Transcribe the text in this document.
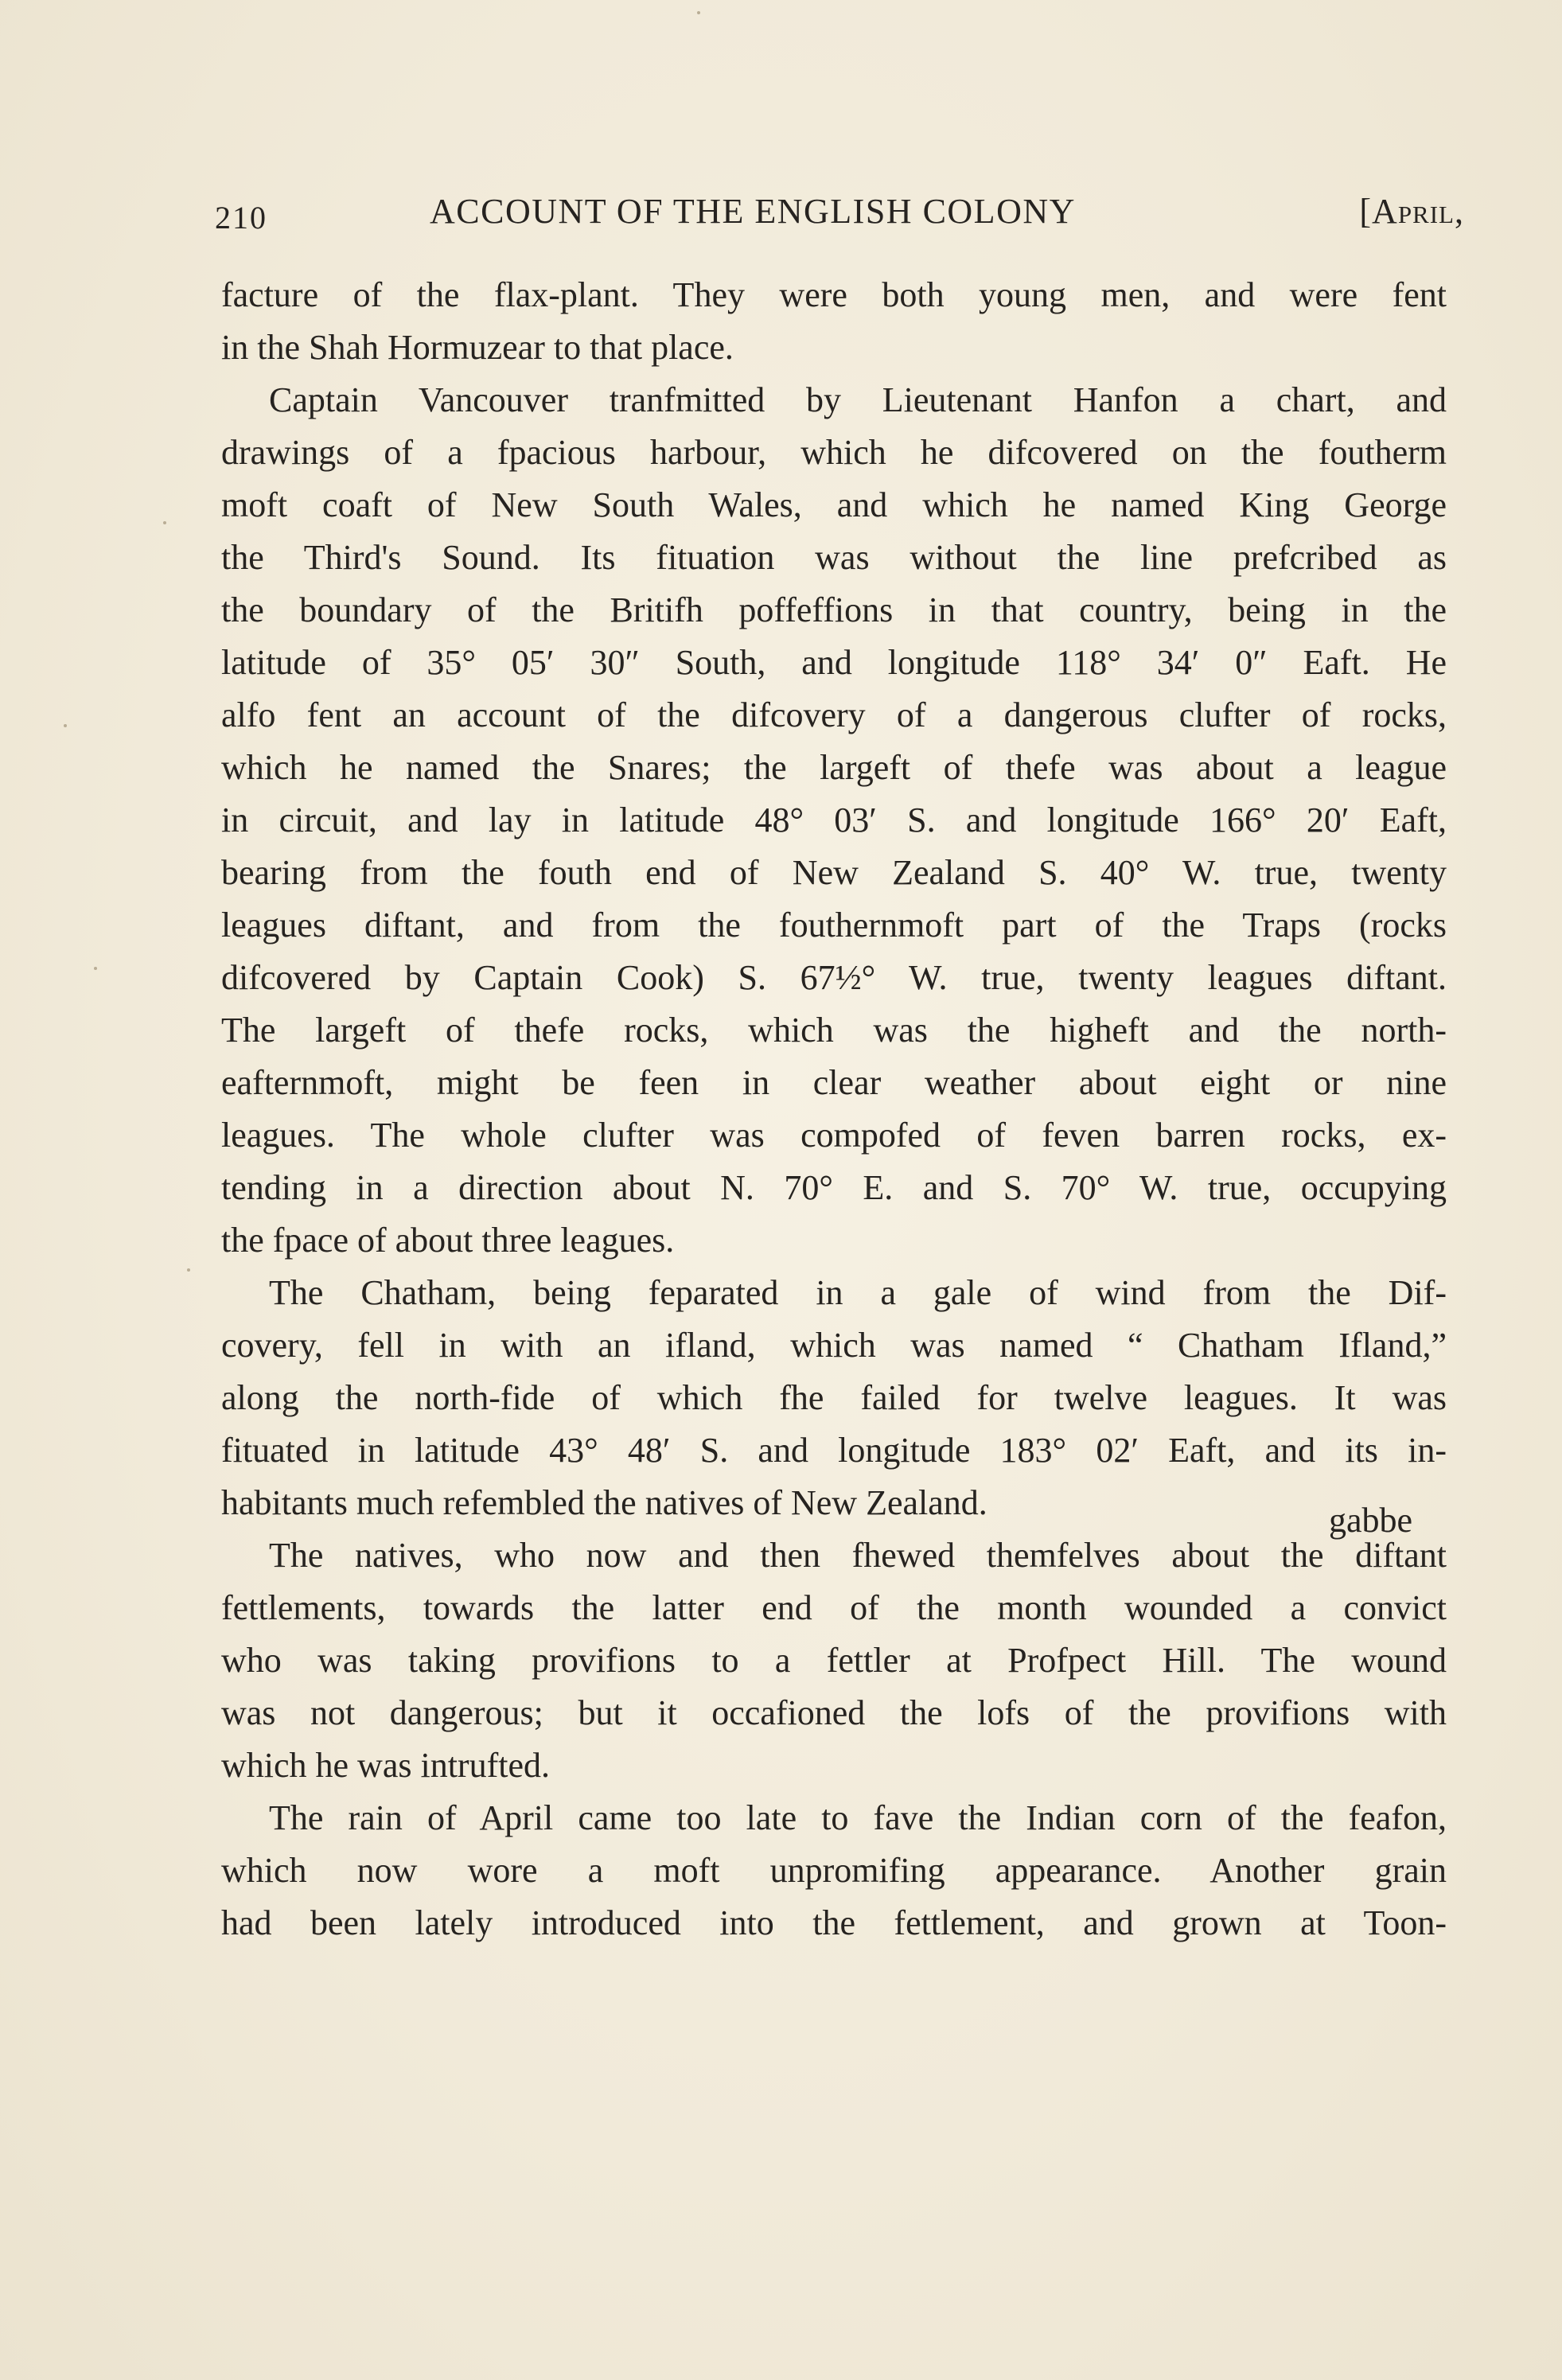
210	ACCOUNT OF THE ENGLISH COLONY	[April,
facture of the flax-plant. They were both young men, and were fent
in the Shah Hormuzear to that place.
Captain Vancouver tranfmitted by Lieutenant Hanfon a chart, and
drawings of a fpacious harbour, which he difcovered on the foutherm
moft coaft of New South Wales, and which he named King George
the Third's Sound. Its fituation was without the line prefcribed as
the boundary of the Britifh poffeffions in that country, being in the
latitude of 35° 05′ 30″ South, and longitude 118° 34′ 0″ Eaft. He
alfo fent an account of the difcovery of a dangerous clufter of rocks,
which he named the Snares; the largeft of thefe was about a league
in circuit, and lay in latitude 48° 03′ S. and longitude 166° 20′ Eaft,
bearing from the fouth end of New Zealand S. 40° W. true, twenty
leagues diftant, and from the fouthernmoft part of the Traps (rocks
difcovered by Captain Cook) S. 67½° W. true, twenty leagues diftant.
The largeft of thefe rocks, which was the higheft and the north-
eafternmoft, might be feen in clear weather about eight or nine
leagues. The whole clufter was compofed of feven barren rocks, ex-
tending in a direction about N. 70° E. and S. 70° W. true, occupying
the fpace of about three leagues.
The Chatham, being feparated in a gale of wind from the Dif-
covery, fell in with an ifland, which was named “ Chatham Ifland,”
along the north-fide of which fhe failed for twelve leagues. It was
fituated in latitude 43° 48′ S. and longitude 183° 02′ Eaft, and its in-
habitants much refembled the natives of New Zealand.
The natives, who now and then fhewed themfelves about the diftant
fettlements, towards the latter end of the month wounded a convict
who was taking provifions to a fettler at Profpect Hill. The wound
was not dangerous; but it occafioned the lofs of the provifions with
which he was intrufted.
The rain of April came too late to fave the Indian corn of the feafon,
which now wore a moft unpromifing appearance. Another grain
had been lately introduced into the fettlement, and grown at Toon-
gabbe
